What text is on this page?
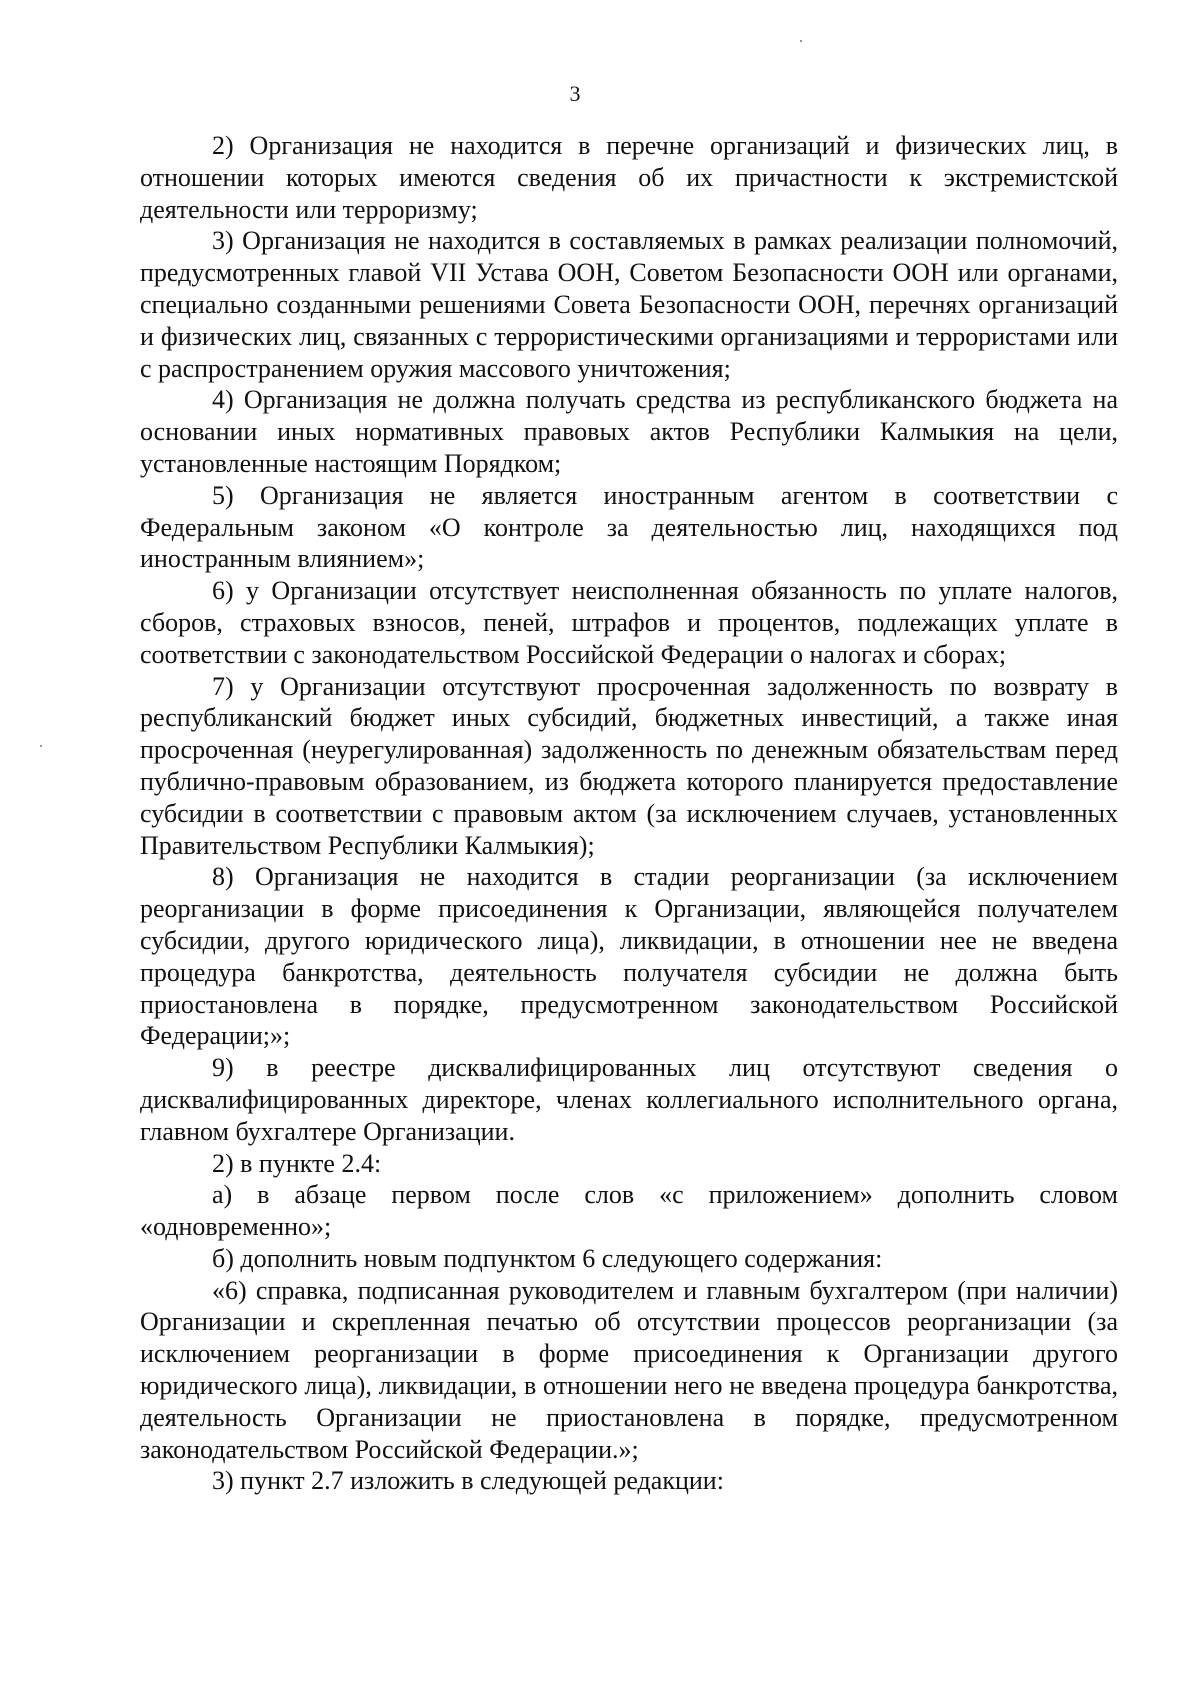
3

2) Организация не находится в перечне организаций и физических лиц, в отношении которых имеются сведения об их причастности к экстремистской деятельности или терроризму;

3) Организация не находится в составляемых в рамках реализации полномочий, предусмотренных главой VII Устава ООН, Советом Безопасности ООН или органами, специально созданными решениями Совета Безопасности ООН, перечнях организаций и физических лиц, связанных с террористическими организациями и террористами или с распространением оружия массового уничтожения;

4) Организация не должна получать средства из республиканского бюджета на основании иных нормативных правовых актов Республики Калмыкия на цели, установленные настоящим Порядком;

5) Организация не является иностранным агентом в соответствии с Федеральным законом «О контроле за деятельностью лиц, находящихся под иностранным влиянием»;

6) у Организации отсутствует неисполненная обязанность по уплате налогов, сборов, страховых взносов, пеней, штрафов и процентов, подлежащих уплате в соответствии с законодательством Российской Федерации о налогах и сборах;

7) у Организации отсутствуют просроченная задолженность по возврату в республиканский бюджет иных субсидий, бюджетных инвестиций, а также иная просроченная (неурегулированная) задолженность по денежным обязательствам перед публично-правовым образованием, из бюджета которого планируется предоставление субсидии в соответствии с правовым актом (за исключением случаев, установленных Правительством Республики Калмыкия);

8) Организация не находится в стадии реорганизации (за исключением реорганизации в форме присоединения к Организации, являющейся получателем субсидии, другого юридического лица), ликвидации, в отношении нее не введена процедура банкротства, деятельность получателя субсидии не должна быть приостановлена в порядке, предусмотренном законодательством Российской Федерации;»;

9) в реестре дисквалифицированных лиц отсутствуют сведения о дисквалифицированных директоре, членах коллегиального исполнительного органа, главном бухгалтере Организации.

2) в пункте 2.4:

а) в абзаце первом после слов «с приложением» дополнить словом «одновременно»;

б) дополнить новым подпунктом 6 следующего содержания:

«6) справка, подписанная руководителем и главным бухгалтером (при наличии) Организации и скрепленная печатью об отсутствии процессов реорганизации (за исключением реорганизации в форме присоединения к Организации другого юридического лица), ликвидации, в отношении него не введена процедура банкротства, деятельность Организации не приостановлена в порядке, предусмотренном законодательством Российской Федерации.»;

3) пункт 2.7 изложить в следующей редакции:
